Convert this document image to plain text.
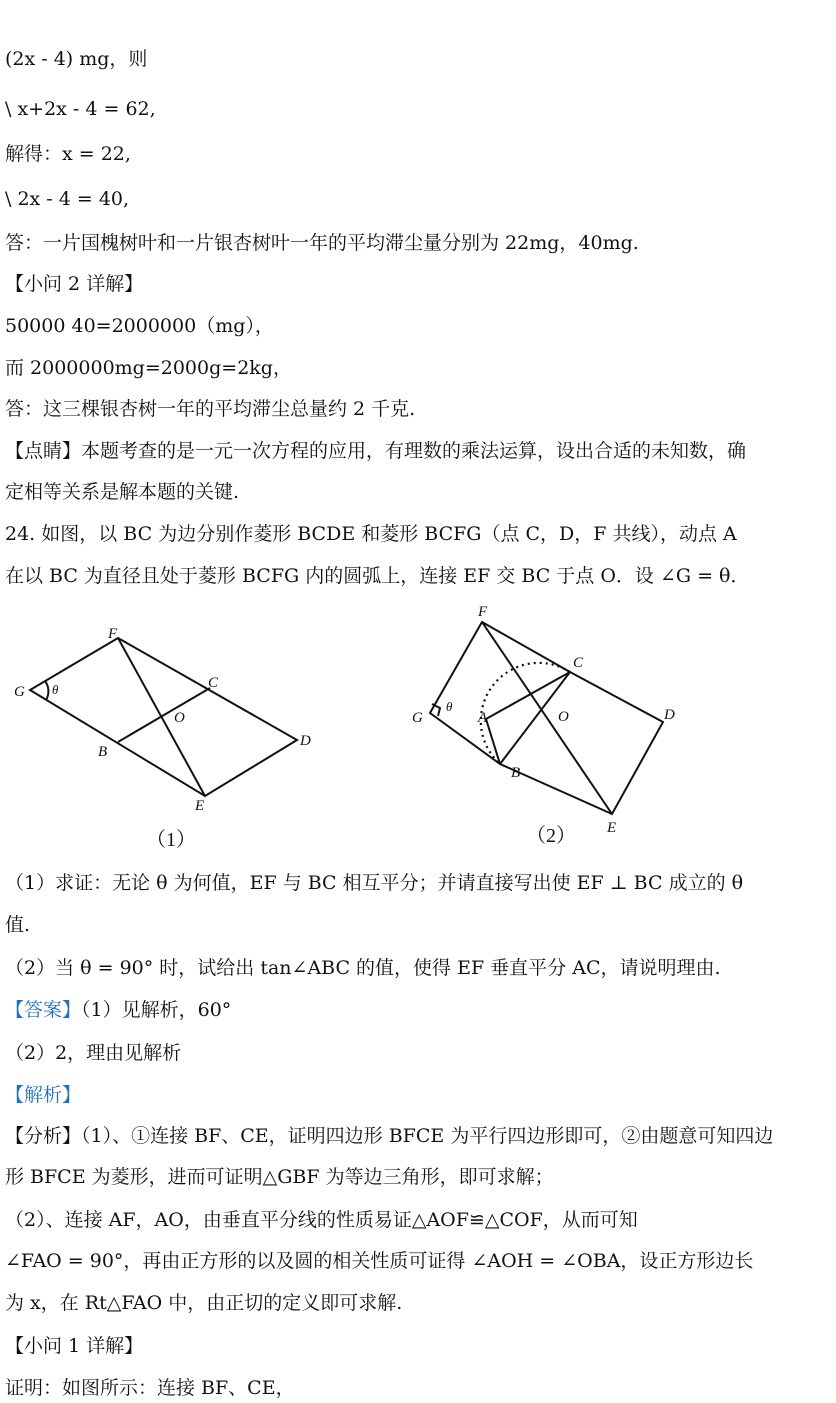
(2x - 4) mg，则
\ x+2x - 4 = 62,
解得：x = 22,
\ 2x - 4 = 40,
答：一片国槐树叶和一片银杏树叶一年的平均滞尘量分别为 22mg，40mg.
【小问 2 详解】
50000 40=2000000（mg），
而 2000000mg=2000g=2kg，
答：这三棵银杏树一年的平均滞尘总量约 2 千克.
【点睛】本题考查的是一元一次方程的应用，有理数的乘法运算，设出合适的未知数，确
定相等关系是解本题的关键.
24. 如图，以 BC 为边分别作菱形 BCDE 和菱形 BCFG（点 C，D，F 共线），动点 A
在以 BC 为直径且处于菱形 BCFG 内的圆弧上，连接 EF 交 BC 于点 O．设 ∠G = θ．
F
G
C
O
B
D
E
θ
（1）
F
C
G	A	O	D
B
E
θ
（2）
（1）求证：无论 θ 为何值，EF 与 BC 相互平分；并请直接写出使 EF ⊥ BC 成立的 θ
值.
（2）当 θ = 90° 时，试给出 tan∠ABC 的值，使得 EF 垂直平分 AC，请说明理由.
【答案】（1）见解析，60°
（2）2，理由见解析
【解析】
【分析】（1）、①连接 BF、CE，证明四边形 BFCE 为平行四边形即可，②由题意可知四边
形 BFCE 为菱形，进而可证明△GBF 为等边三角形，即可求解；
（2）、连接 AF，AO，由垂直平分线的性质易证△AOF≌△COF，从而可知
∠FAO = 90°，再由正方形的以及圆的相关性质可证得 ∠AOH = ∠OBA，设正方形边长
为 x，在 Rt△FAO 中，由正切的定义即可求解.
【小问 1 详解】
证明：如图所示：连接 BF、CE，
